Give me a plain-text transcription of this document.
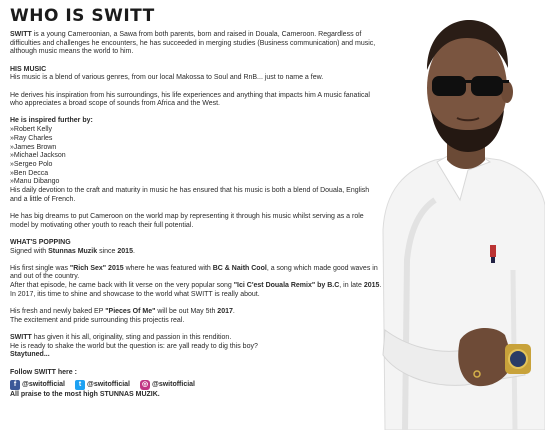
WHO IS SWITT

SWITT is a young Cameroonian, a Sawa from both parents, born and raised in Douala, Cameroon. Regardless of difficulties and challenges he encounters, he has succeeded in merging studies (Business communication) and music, although music means the world to him.

HIS MUSIC

His music is a blend of various genres, from our local Makossa to Soul and RnB... just to name a few.

He derives his inspiration from his surroundings, his life experiences and anything that impacts him A music fanatical who appreciates a broad scope of sounds from Africa and the West.

He is inspired further by:

»Robert Kelly

»Ray Charles

»James Brown

»Michael Jackson

»Sergeo Polo

»Ben Decca

»Manu Dibango

His daily devotion to the craft and maturity in music he has ensured that his music is both a blend of Douala, English and a little of French.

He has big dreams to put Cameroon on the world map by representing it through his music whilst serving as a role model by motivating other youth to reach their full potential.

WHAT'S POPPING

Signed with Stunnas Muzik since 2015.

His first single was "Rich Sex" 2015 where he was featured with BC & Naith Cool, a song which made good waves in and out of the country.

After that episode, he came back with lit verse on the very popular song "Ici C'est Douala Remix" by B.C, in late 2015.

In 2017, itis time to shine and showcase to the world what SWITT is really about.

His fresh and newly baked EP "Pieces Of Me" will be out May 5th 2017.

The excitement and pride surrounding this projectis real.

SWITT has given it his all, originality, sting and passion in this rendition.

He is ready to shake the world but the question is: are yall ready to dig this boy?

Staytuned...

Follow SWITT here :

f @switofficial	t @switofficial ◎ @switofficial

All praise to the most high STUNNAS MUZIK.
